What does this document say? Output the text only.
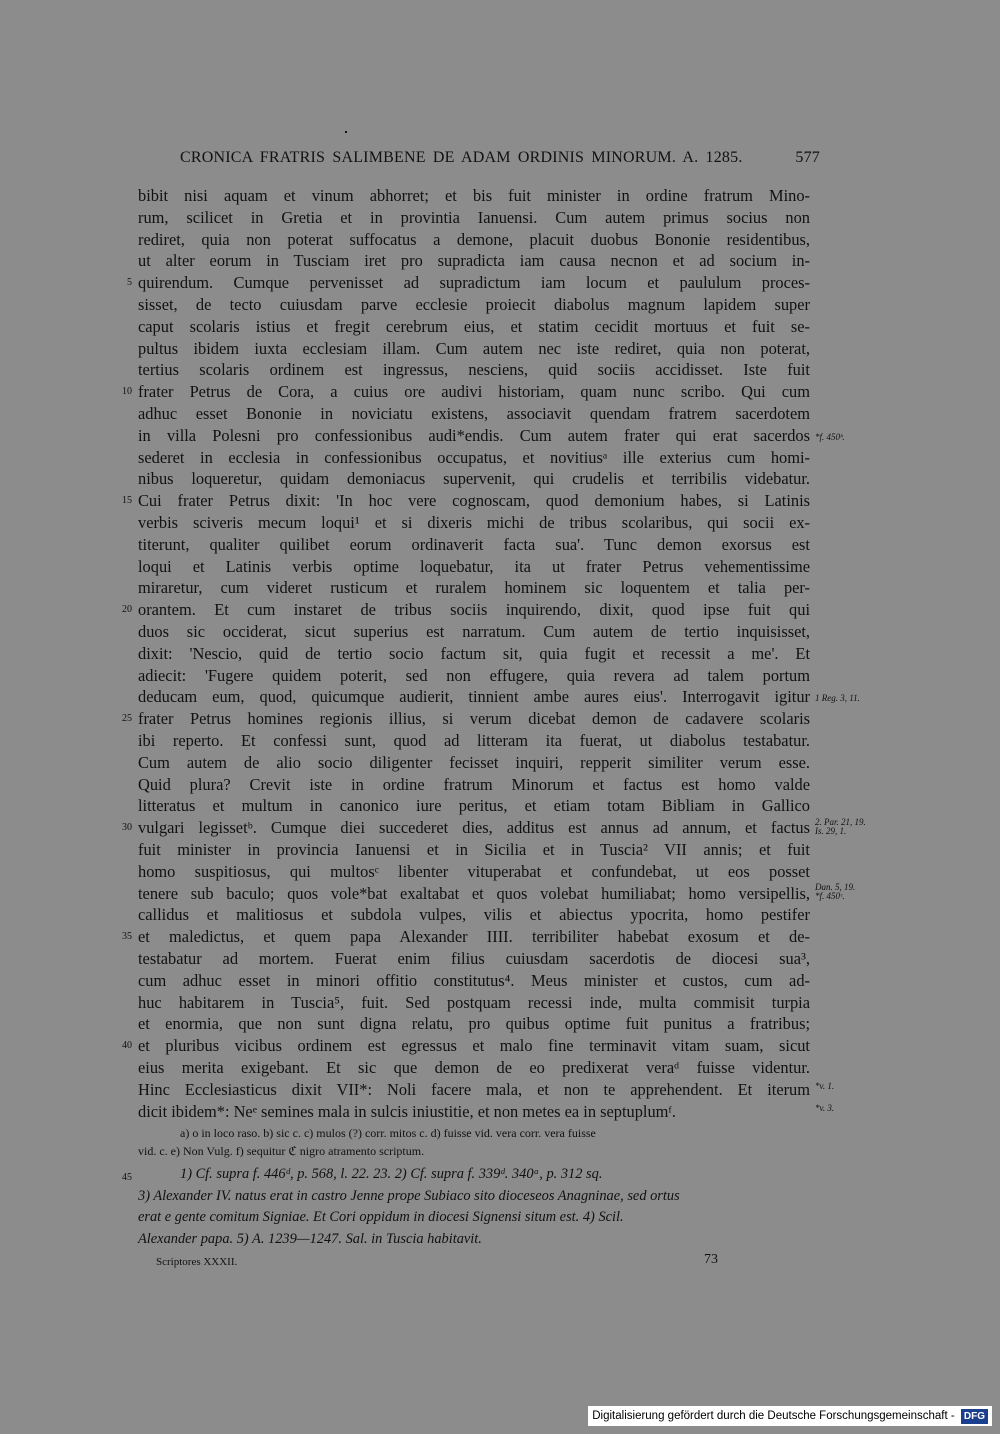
CRONICA FRATRIS SALIMBENE DE ADAM ORDINIS MINORUM. A. 1285.	577
bibit nisi aquam et vinum abhorret; et bis fuit minister in ordine fratrum Mino-
rum, scilicet in Gretia et in provintia Ianuensi. Cum autem primus socius non
rediret, quia non poterat suffocatus a demone, placuit duobus Bononie residentibus,
ut alter eorum in Tusciam iret pro supradicta iam causa necnon et ad socium in-
quirendum. Cumque pervenisset ad supradictum iam locum et paululum proces-
sisset, de tecto cuiusdam parve ecclesie proiecit diabolus magnum lapidem super
caput scolaris istius et fregit cerebrum eius, et statim cecidit mortuus et fuit se-
pultus ibidem iuxta ecclesiam illam. Cum autem nec iste rediret, quia non poterat,
tertius scolaris ordinem est ingressus, nesciens, quid sociis accidisset. Iste fuit
frater Petrus de Cora, a cuius ore audivi historiam, quam nunc scribo. Qui cum
adhuc esset Bononie in noviciatu existens, associavit quendam fratrem sacerdotem
in villa Polesni pro confessionibus audi*endis. Cum autem frater qui erat sacerdos
sederet in ecclesia in confessionibus occupatus, et novitiusᵃ ille exterius cum homi-
nibus loqueretur, quidam demoniacus supervenit, qui crudelis et terribilis videbatur.
Cui frater Petrus dixit: 'In hoc vere cognoscam, quod demonium habes, si Latinis
verbis sciveris mecum loqui¹ et si dixeris michi de tribus scolaribus, qui socii ex-
titerunt, qualiter quilibet eorum ordinaverit facta sua'. Tunc demon exorsus est
loqui et Latinis verbis optime loquebatur, ita ut frater Petrus vehementissime
miraretur, cum videret rusticum et ruralem hominem sic loquentem et talia per-
orantem. Et cum instaret de tribus sociis inquirendo, dixit, quod ipse fuit qui
duos sic occiderat, sicut superius est narratum. Cum autem de tertio inquisisset,
dixit: 'Nescio, quid de tertio socio factum sit, quia fugit et recessit a me'. Et
adiecit: 'Fugere quidem poterit, sed non effugere, quia revera ad talem portum
deducam eum, quod, quicumque audierit, tinnient ambe aures eius'. Interrogavit igitur
frater Petrus homines regionis illius, si verum dicebat demon de cadavere scolaris
ibi reperto. Et confessi sunt, quod ad litteram ita fuerat, ut diabolus testabatur.
Cum autem de alio socio diligenter fecisset inquiri, repperit similiter verum esse.
Quid plura? Crevit iste in ordine fratrum Minorum et factus est homo valde
litteratus et multum in canonico iure peritus, et etiam totam Bibliam in Gallico
vulgari legissetᵇ. Cumque diei succederet dies, additus est annus ad annum, et factus
fuit minister in provincia Ianuensi et in Sicilia et in Tuscia² VII annis; et fuit
homo suspitiosus, qui multosᶜ libenter vituperabat et confundebat, ut eos posset
tenere sub baculo; quos vole*bat exaltabat et quos volebat humiliabat; homo versipellis,
callidus et malitiosus et subdola vulpes, vilis et abiectus ypocrita, homo pestifer
et maledictus, et quem papa Alexander IIII. terribiliter habebat exosum et de-
testabatur ad mortem. Fuerat enim filius cuiusdam sacerdotis de diocesi sua³,
cum adhuc esset in minori offitio constitutus⁴. Meus minister et custos, cum ad-
huc habitarem in Tuscia⁵, fuit. Sed postquam recessi inde, multa commisit turpia
et enormia, que non sunt digna relatu, pro quibus optime fuit punitus a fratribus;
et pluribus vicibus ordinem est egressus et malo fine terminavit vitam suam, sicut
eius merita exigebant. Et sic que demon de eo predixerat veraᵈ fuisse videntur.
Hinc Ecclesiasticus dixit VII*: Noli facere mala, et non te apprehendent. Et iterum
dicit ibidem*: Neᵉ semines mala in sulcis iniustitie, et non metes ea in septuplumᶠ.
5
10
15
20
25
30
35
40
*f. 450ᵇ.
1 Reg. 3, 11.
2. Par. 21, 19.
Is. 29, 1.
Dan. 5, 19.
*f. 450ᶜ.
*v. 1.
*v. 3.
a) o in loco raso. b) sic c. c) mulos (?) corr. mitos c. d) fuisse vid. vera corr. vera fuisse
vid. c. e) Non Vulg. f) sequitur ℭ nigro atramento scriptum.
45	1) Cf. supra f. 446ᵈ, p. 568, l. 22. 23. 2) Cf. supra f. 339ᵈ. 340ᵃ, p. 312 sq.
3) Alexander IV. natus erat in castro Jenne prope Subiaco sito dioceseos Anagninae, sed ortus
erat e gente comitum Signiae. Et Cori oppidum in diocesi Signensi situm est. 4) Scil.
Alexander papa. 5) A. 1239—1247. Sal. in Tuscia habitavit.
Scriptores XXXII.	73
Digitalisierung gefördert durch die Deutsche Forschungsgemeinschaft - DFG
